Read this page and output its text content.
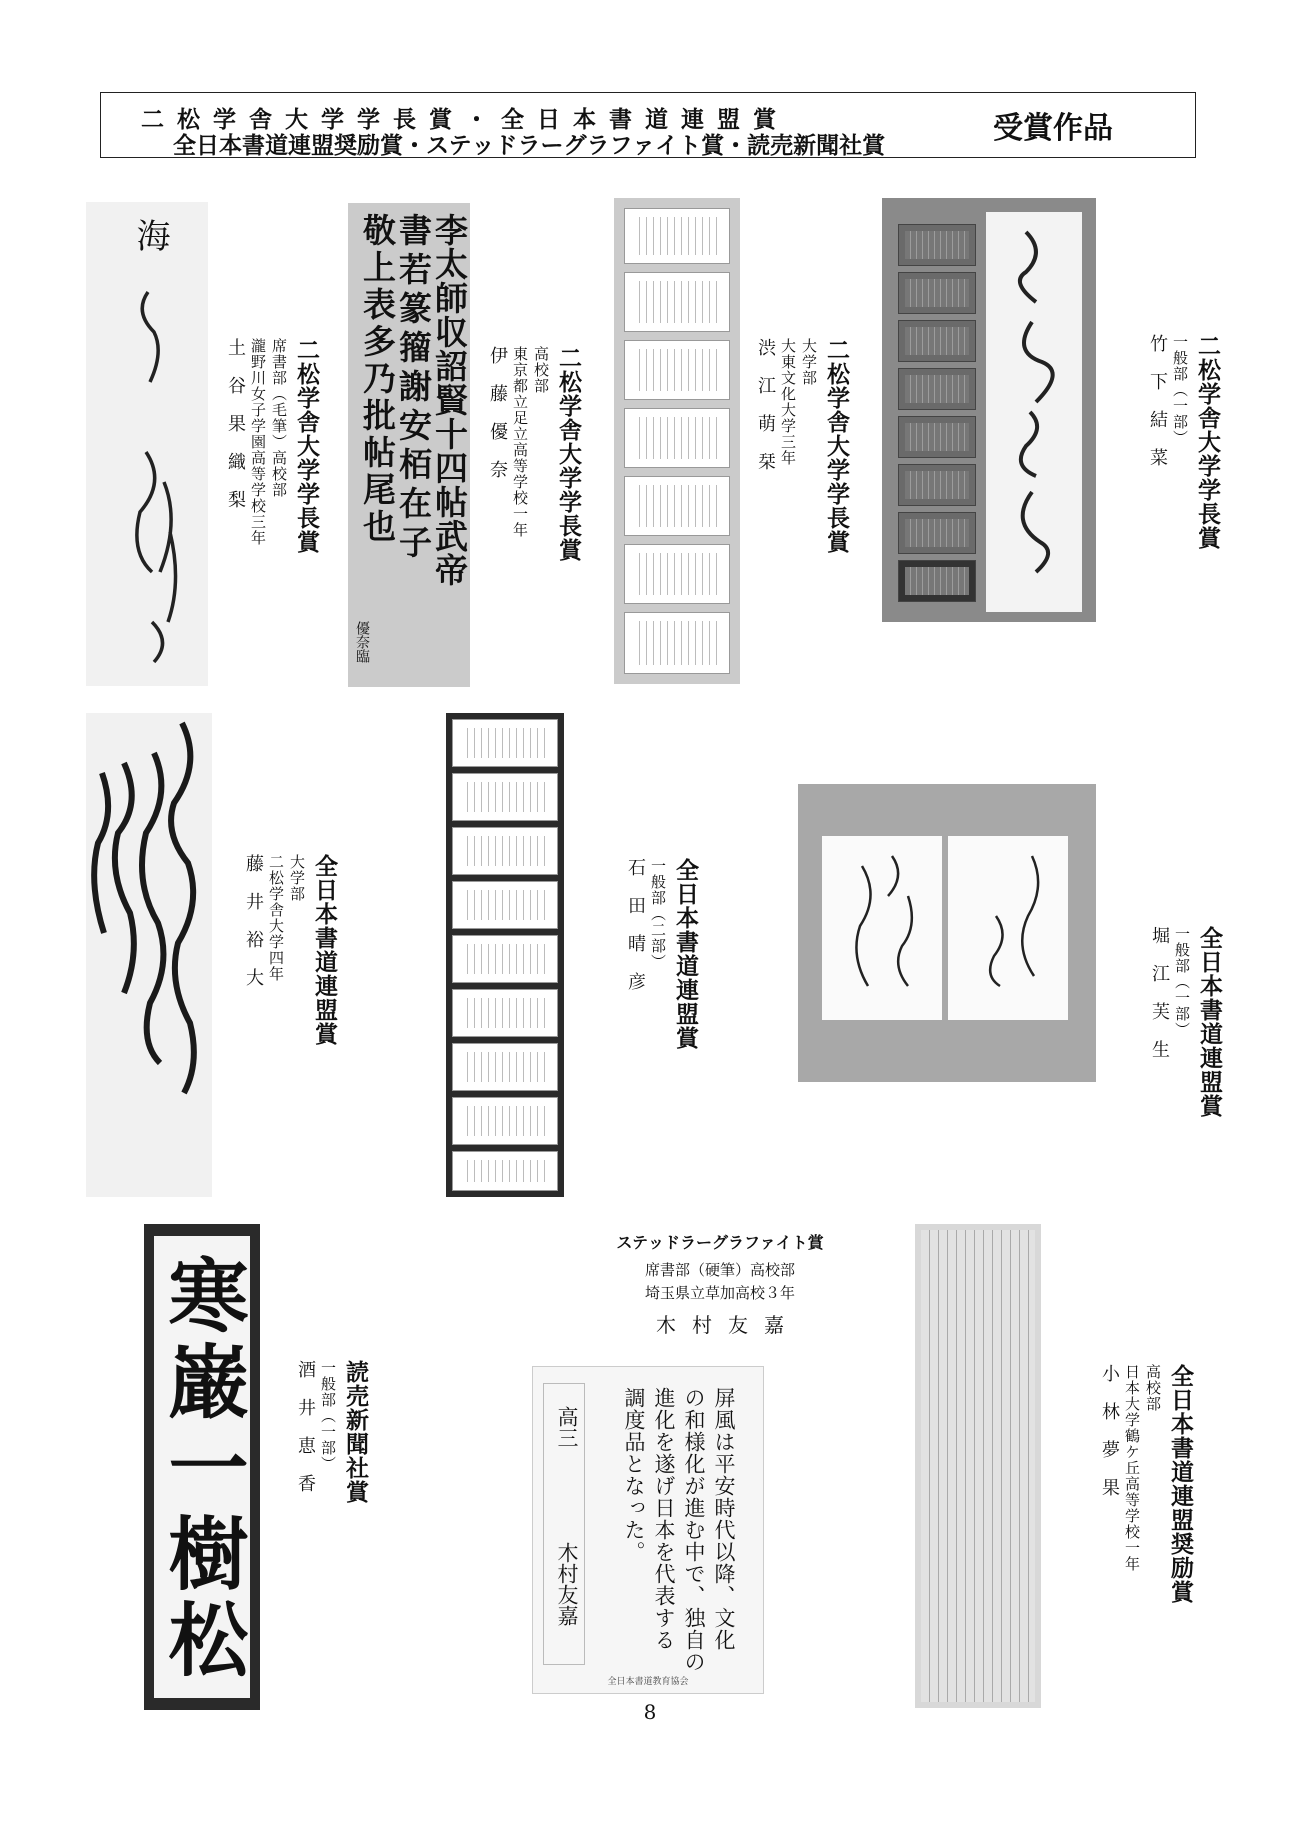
二松学舎大学学長賞・全日本書道連盟賞
全日本書道連盟奨励賞・ステッドラーグラファイト賞・読売新聞社賞	受賞作品
海
二松学舎大学学長賞
席書部（毛筆）高校部
瀧野川女子学園高等学校三年
土谷果織梨	李太師収詔賢十四帖武帝
書若篆籀謝安栢在子
敬上表多乃批帖尾也
優奈臨
二松学舎大学学長賞
高校部
東京都立足立高等学校一年
伊藤優奈	二松学舎大学学長賞
大学部
大東文化大学三年
渋江萌栞	二松学舎大学学長賞
一般部（一部）
竹下結菜
全日本書道連盟賞
大学部
二松学舎大学四年
藤井裕大	全日本書道連盟賞
一般部（二部）
石田晴彦	全日本書道連盟賞
一般部（一部）
堀江芙生
寒巌一樹松	読売新聞社賞
一般部（一部）
酒井恵香
ステッドラーグラファイト賞
席書部（硬筆）高校部
埼玉県立草加高校３年
木村友嘉
屏風は平安時代以降、文化
の和様化が進む中で、独自の
進化を遂げ日本を代表する
調度品となった。
高三
木村友嘉
全日本書道教育協会
全日本書道連盟奨励賞
高校部
日本大学鶴ケ丘高等学校一年
小林夢果
8
